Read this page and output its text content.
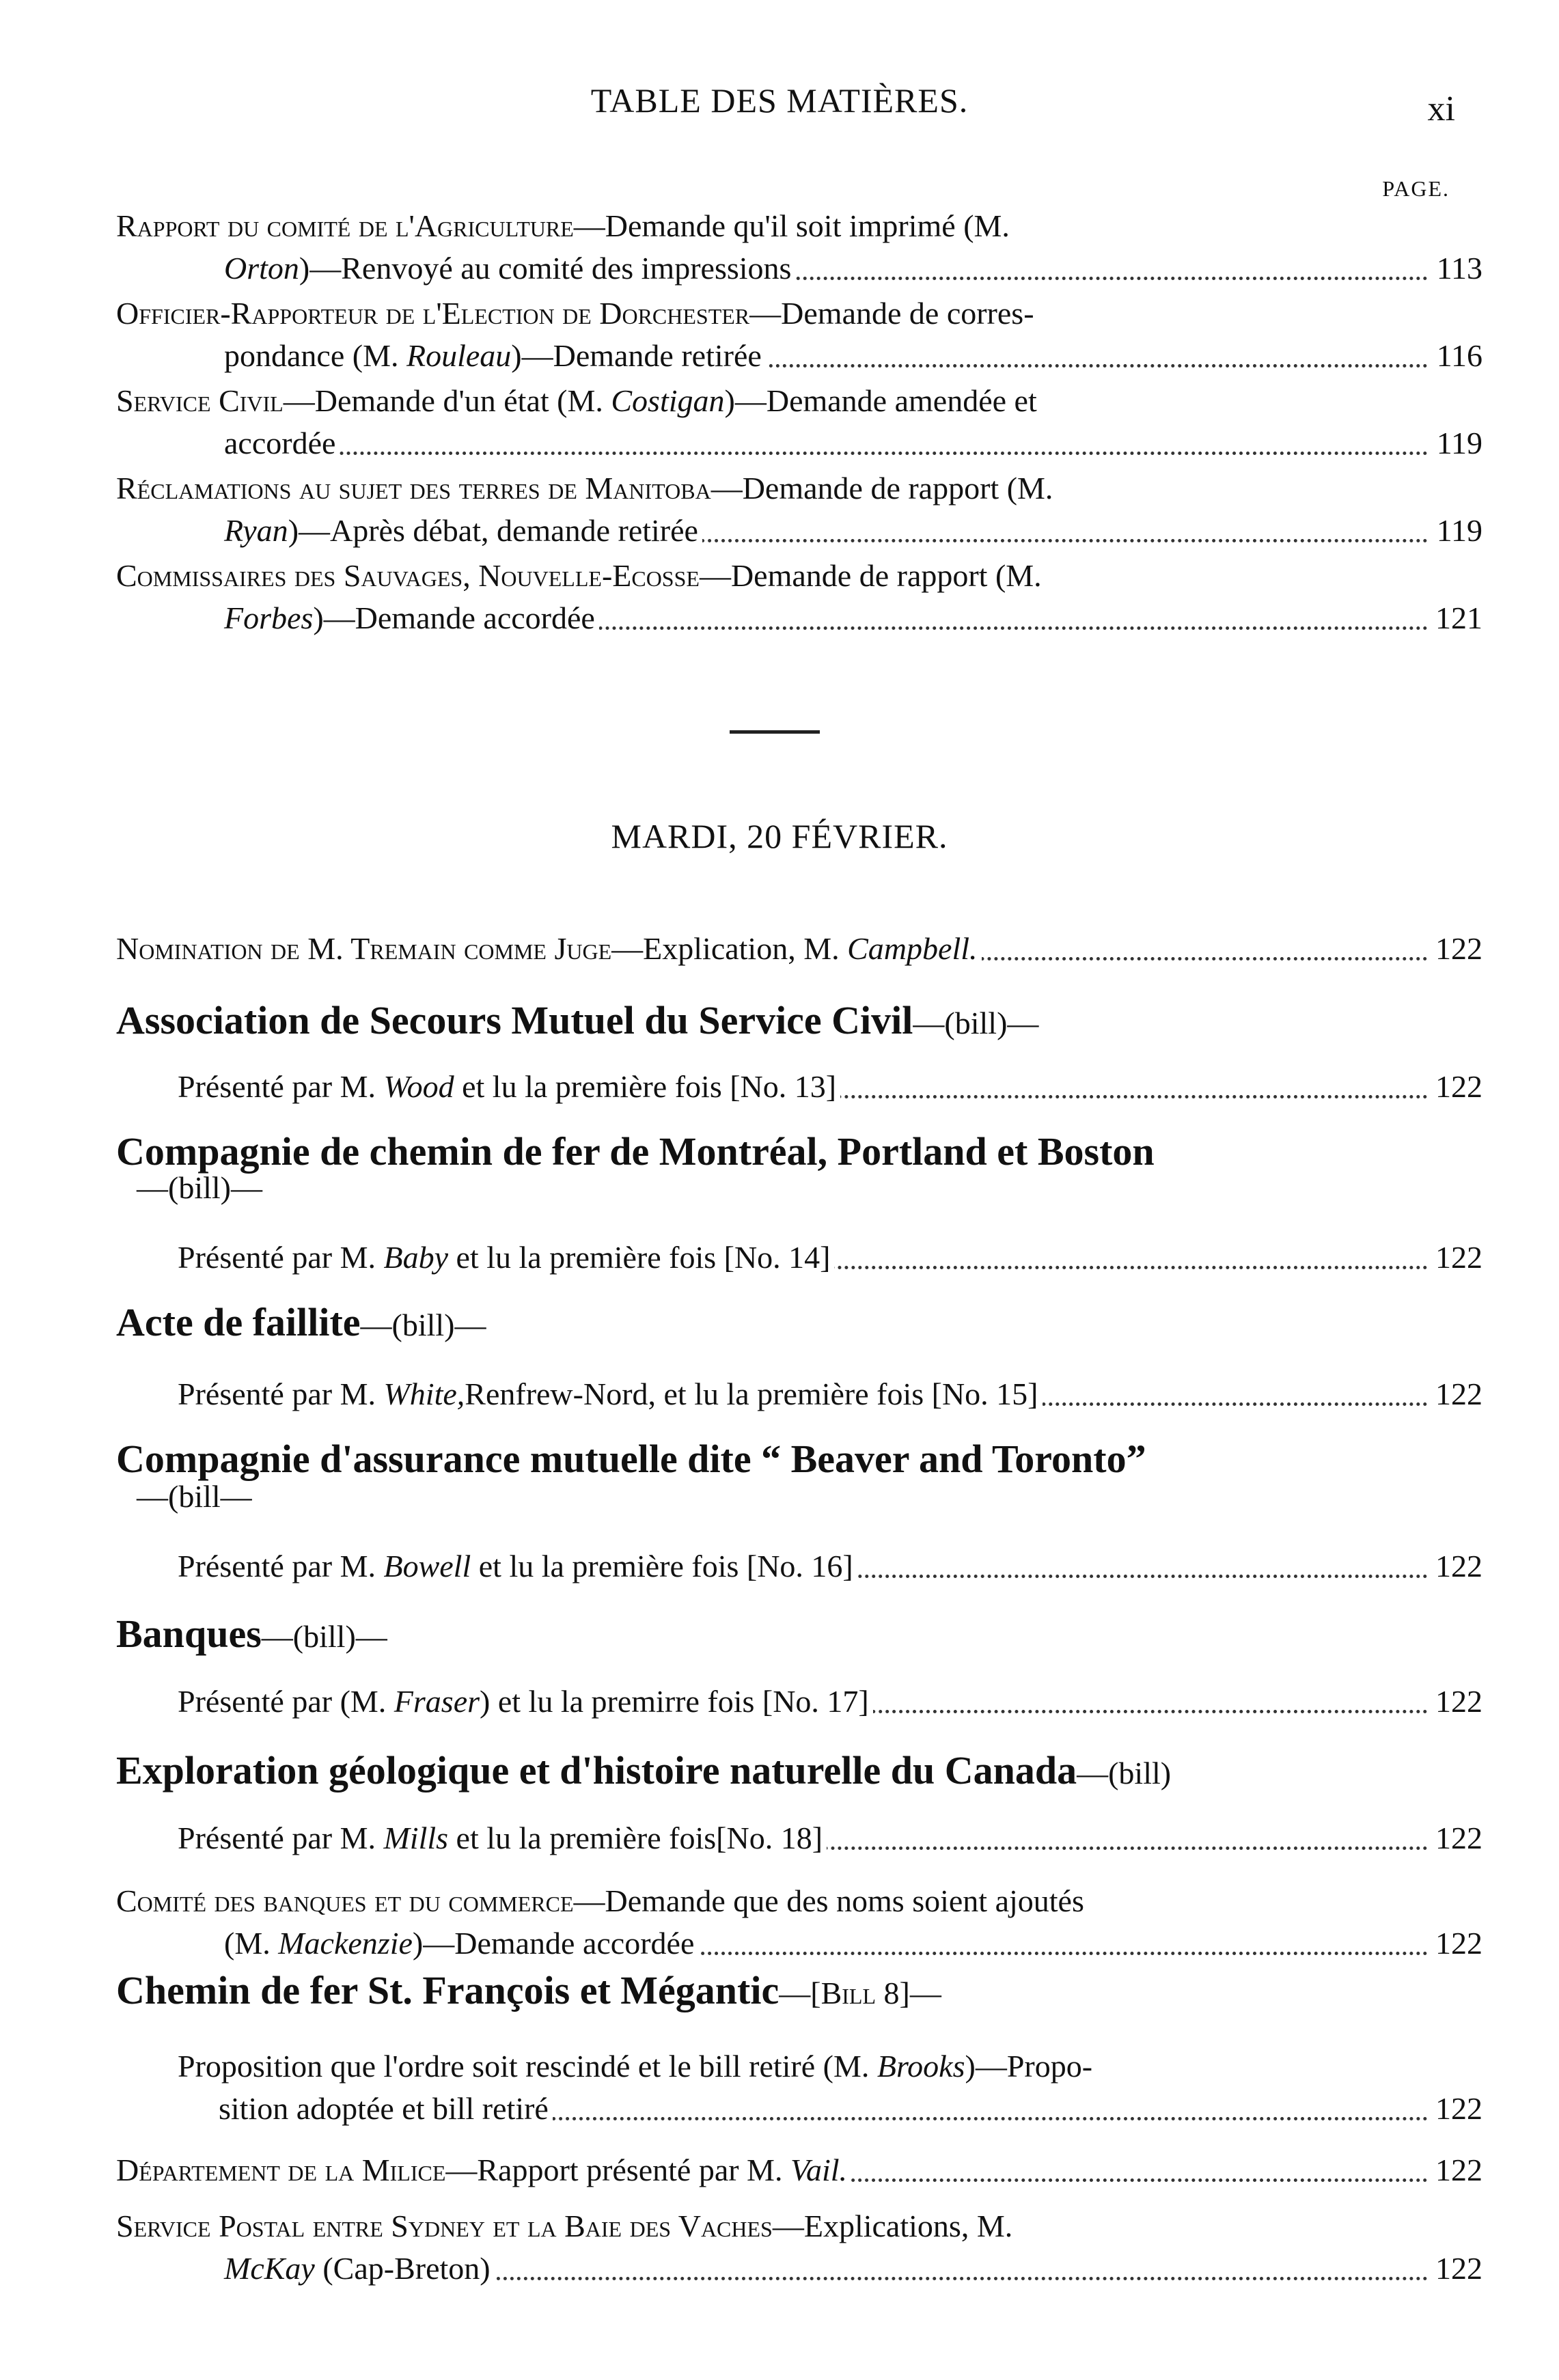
TABLE DES MATIÈRES.	xi
PAGE.
Rapport du comité de l'Agriculture—Demande qu'il soit imprimé (M.
Orton)—Renvoyé au comité des impressions	113
Officier-Rapporteur de l'Election de Dorchester—Demande de corres-
pondance (M. Rouleau)—Demande retirée	116
Service Civil—Demande d'un état (M. Costigan)—Demande amendée et
accordée	119
Réclamations au sujet des terres de Manitoba—Demande de rapport (M.
Ryan)—Après débat, demande retirée	119
Commissaires des Sauvages, Nouvelle-Ecosse—Demande de rapport (M.
Forbes)—Demande accordée	121
MARDI, 20 FÉVRIER.
Nomination de M. Tremain comme Juge—Explication, M. Campbell.	122
Association de Secours Mutuel du Service Civil—(bill)—
Présenté par M. Wood et lu la première fois [No. 13]	122
Compagnie de chemin de fer de Montréal, Portland et Boston
—(bill)—
Présenté par M. Baby et lu la première fois [No. 14]	122
Acte de faillite—(bill)—
Présenté par M. White,Renfrew-Nord, et lu la première fois [No. 15]	122
Compagnie d'assurance mutuelle dite “ Beaver and Toronto”
—(bill—
Présenté par M. Bowell et lu la première fois [No. 16]	122
Banques—(bill)—
Présenté par (M. Fraser) et lu la premirre fois [No. 17]	122
Exploration géologique et d'histoire naturelle du Canada—(bill)
Présenté par M. Mills et lu la première fois[No. 18]	122
Comité des banques et du commerce—Demande que des noms soient ajoutés
(M. Mackenzie)—Demande accordée	122
Chemin de fer St. François et Mégantic—[Bill 8]—
Proposition que l'ordre soit rescindé et le bill retiré (M. Brooks)—Propo-
sition adoptée et bill retiré	122
Département de la Milice—Rapport présenté par M. Vail.	122
Service Postal entre Sydney et la Baie des Vaches—Explications, M.
McKay (Cap-Breton)	122
